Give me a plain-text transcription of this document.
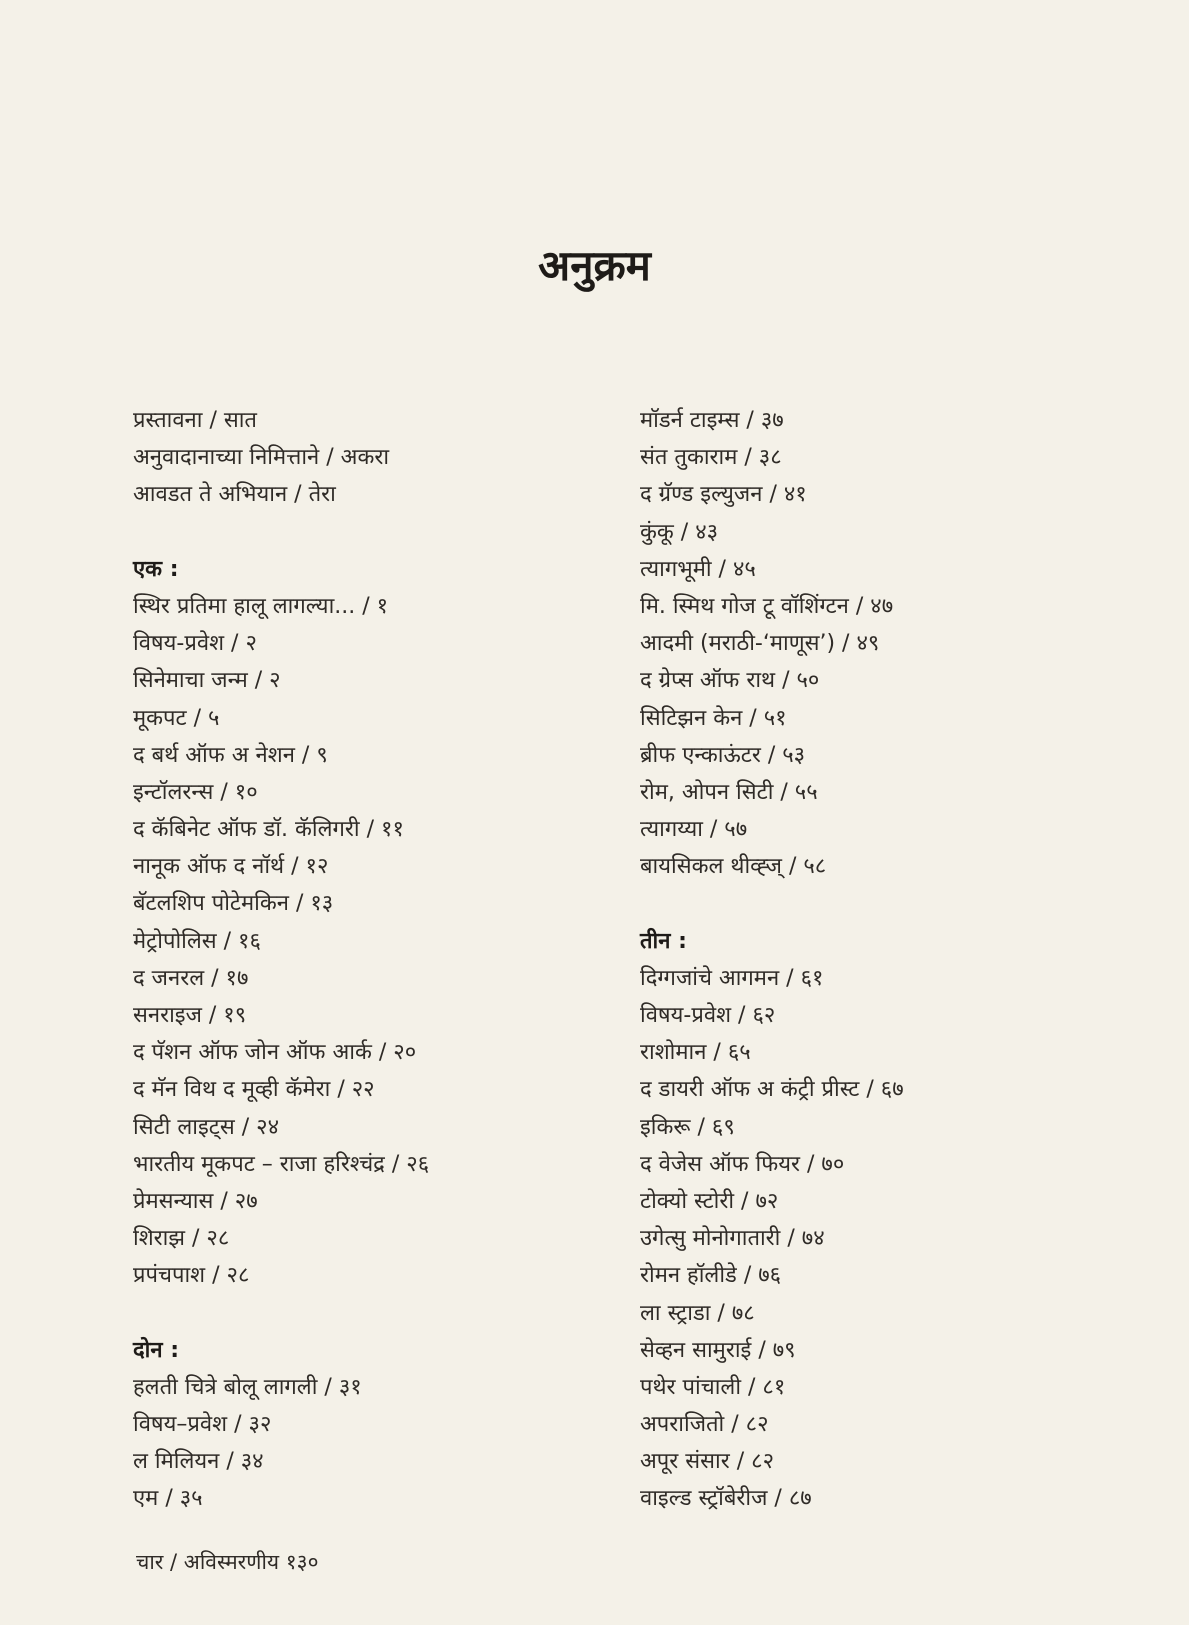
अनुक्रम
प्रस्तावना / सात
अनुवादानाच्या निमित्ताने / अकरा
आवडत ते अभियान / तेरा
एक :
स्थिर प्रतिमा हालू लागल्या... / १
विषय-प्रवेश / २
सिनेमाचा जन्म / २
मूकपट / ५
द बर्थ ऑफ अ नेशन / ९
इन्टॉलरन्स / १०
द कॅबिनेट ऑफ डॉ. कॅलिगरी / ११
नानूक ऑफ द नॉर्थ / १२
बॅटलशिप पोटेमकिन / १३
मेट्रोपोलिस / १६
द जनरल / १७
सनराइज / १९
द पॅशन ऑफ जोन ऑफ आर्क / २०
द मॅन विथ द मूव्ही कॅमेरा / २२
सिटी लाइट्स / २४
भारतीय मूकपट – राजा हरिश्चंद्र / २६
प्रेमसन्यास / २७
शिराझ / २८
प्रपंचपाश / २८
दोन :
हलती चित्रे बोलू लागली / ३१
विषय–प्रवेश / ३२
ल मिलियन / ३४
एम / ३५
मॉडर्न टाइम्स / ३७
संत तुकाराम / ३८
द ग्रॅण्ड इल्युजन / ४१
कुंकू / ४३
त्यागभूमी / ४५
मि. स्मिथ गोज टू वॉशिंग्टन / ४७
आदमी (मराठी-‘माणूस’) / ४९
द ग्रेप्स ऑफ राथ / ५०
सिटिझन केन / ५१
ब्रीफ एन्काऊंटर / ५३
रोम, ओपन सिटी / ५५
त्यागय्या / ५७
बायसिकल थीव्ह्ज् / ५८
तीन :
दिग्गजांचे आगमन / ६१
विषय-प्रवेश / ६२
राशोमान / ६५
द डायरी ऑफ अ कंट्री प्रीस्ट / ६७
इकिरू / ६९
द वेजेस ऑफ फियर / ७०
टोक्यो स्टोरी / ७२
उगेत्सु मोनोगातारी / ७४
रोमन हॉलीडे / ७६
ला स्ट्राडा / ७८
सेव्हन सामुराई / ७९
पथेर पांचाली / ८१
अपराजितो / ८२
अपूर संसार / ८२
वाइल्ड स्ट्रॉबेरीज / ८७
चार / अविस्मरणीय १३०
